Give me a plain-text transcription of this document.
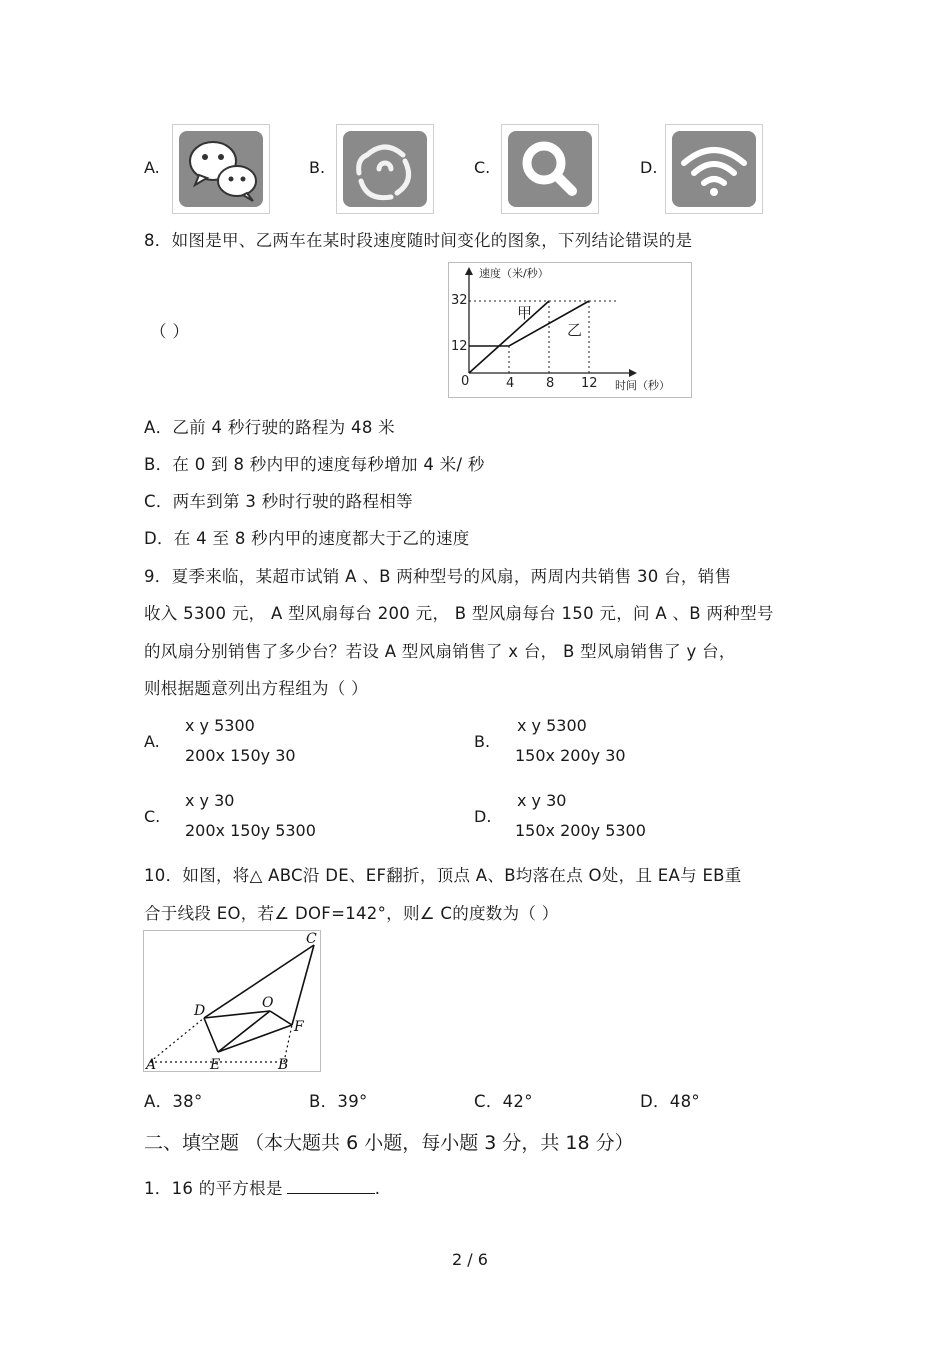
A.	B.	C.	D.
8．如图是甲、乙两车在某时段速度随时间变化的图象，下列结论错误的是
（ ）
速度（米/秒）
时间（秒）
0	4 8 12
12
32
甲
乙
A．乙前 4 秒行驶的路程为 48 米
B．在 0 到 8 秒内甲的速度每秒增加 4 米/ 秒
C．两车到第 3 秒时行驶的路程相等
D．在 4 至 8 秒内甲的速度都大于乙的速度
9．夏季来临，某超市试销 A 、B 两种型号的风扇，两周内共销售 30 台，销售
收入 5300 元， A 型风扇每台 200 元， B 型风扇每台 150 元，问 A 、B 两种型号
的风扇分别销售了多少台？若设 A 型风扇销售了 x 台， B 型风扇销售了 y 台，
则根据题意列出方程组为（ ）
A.
x y 5300
200x 150y 30
B.
x y 5300
150x 200y 30
C.
x y 30
200x 150y 5300
D.
x y 30
150x 200y 5300
10．如图，将△ ABC沿 DE、EF翻折，顶点 A、B均落在点 O处，且 EA与 EB重
合于线段 EO，若∠ DOF=142°，则∠ C的度数为（ ）
C
D	O
F
A	E	B
A．38°	B．39°	C．42°	D．48°
二、填空题 （本大题共 6 小题，每小题 3 分，共 18 分）
1．16 的平方根是	.
2 / 6
